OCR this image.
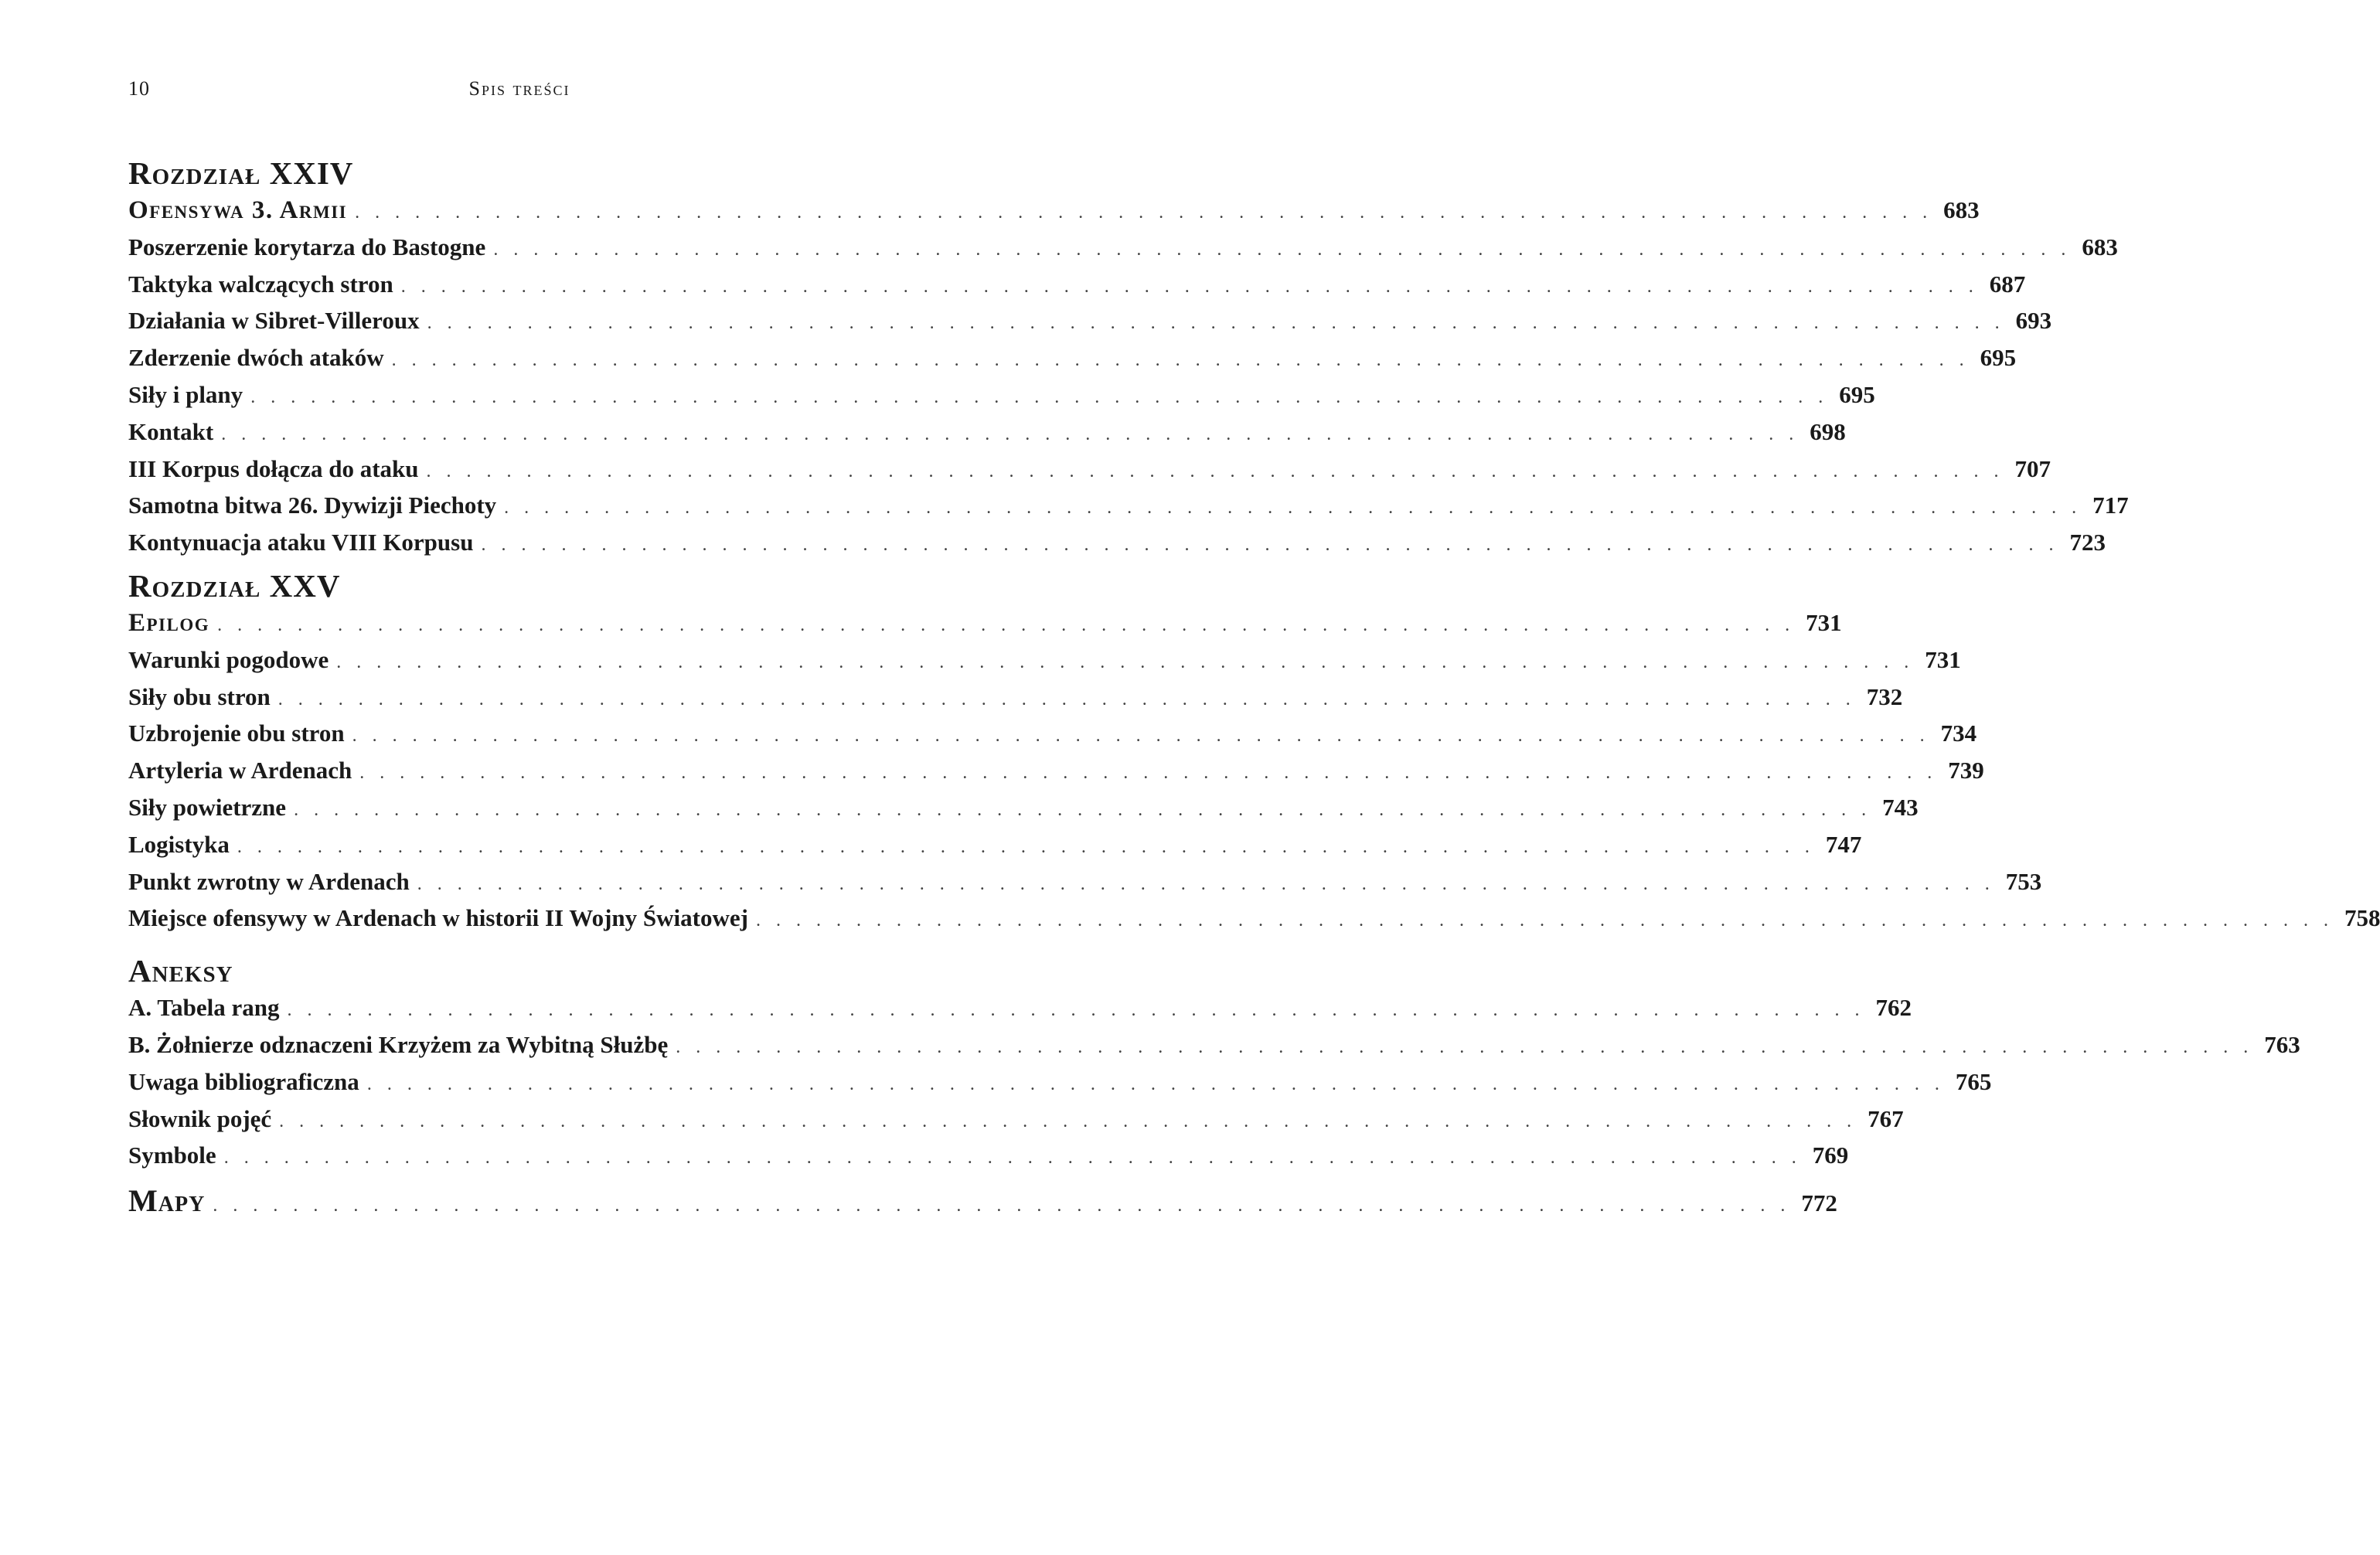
10	Spis treści
Rozdział XXIV
Ofensywa 3. Armii . . . . . . . . . . . . . . . . . . . . . . . . . . . . . . . . . . . . . . . . . . . . . . . . . . . . . . . . . . . . . . . . . . . . . . . . . . . . . . . 683
Poszerzenie korytarza do Bastogne . . . . . . . . . . . . . . . . . . . . . . . . . . . . . . . . . . . . . . . . . . . . . . . . . . . . . . . . . . . . . . . . . . . . . . . . . . . . . . . 683
Taktyka walczących stron . . . . . . . . . . . . . . . . . . . . . . . . . . . . . . . . . . . . . . . . . . . . . . . . . . . . . . . . . . . . . . . . . . . . . . . . . . . . . . . 687
Działania w Sibret-Villeroux . . . . . . . . . . . . . . . . . . . . . . . . . . . . . . . . . . . . . . . . . . . . . . . . . . . . . . . . . . . . . . . . . . . . . . . . . . . . . . . 693
Zderzenie dwóch ataków . . . . . . . . . . . . . . . . . . . . . . . . . . . . . . . . . . . . . . . . . . . . . . . . . . . . . . . . . . . . . . . . . . . . . . . . . . . . . . . 695
Siły i plany . . . . . . . . . . . . . . . . . . . . . . . . . . . . . . . . . . . . . . . . . . . . . . . . . . . . . . . . . . . . . . . . . . . . . . . . . . . . . . . 695
Kontakt . . . . . . . . . . . . . . . . . . . . . . . . . . . . . . . . . . . . . . . . . . . . . . . . . . . . . . . . . . . . . . . . . . . . . . . . . . . . . . . 698
III Korpus dołącza do ataku . . . . . . . . . . . . . . . . . . . . . . . . . . . . . . . . . . . . . . . . . . . . . . . . . . . . . . . . . . . . . . . . . . . . . . . . . . . . . . . 707
Samotna bitwa 26. Dywizji Piechoty . . . . . . . . . . . . . . . . . . . . . . . . . . . . . . . . . . . . . . . . . . . . . . . . . . . . . . . . . . . . . . . . . . . . . . . . . . . . . . . 717
Kontynuacja ataku VIII Korpusu . . . . . . . . . . . . . . . . . . . . . . . . . . . . . . . . . . . . . . . . . . . . . . . . . . . . . . . . . . . . . . . . . . . . . . . . . . . . . . . 723
Rozdział XXV
Epilog . . . . . . . . . . . . . . . . . . . . . . . . . . . . . . . . . . . . . . . . . . . . . . . . . . . . . . . . . . . . . . . . . . . . . . . . . . . . . . . 731
Warunki pogodowe . . . . . . . . . . . . . . . . . . . . . . . . . . . . . . . . . . . . . . . . . . . . . . . . . . . . . . . . . . . . . . . . . . . . . . . . . . . . . . . 731
Siły obu stron . . . . . . . . . . . . . . . . . . . . . . . . . . . . . . . . . . . . . . . . . . . . . . . . . . . . . . . . . . . . . . . . . . . . . . . . . . . . . . . 732
Uzbrojenie obu stron . . . . . . . . . . . . . . . . . . . . . . . . . . . . . . . . . . . . . . . . . . . . . . . . . . . . . . . . . . . . . . . . . . . . . . . . . . . . . . . 734
Artyleria w Ardenach . . . . . . . . . . . . . . . . . . . . . . . . . . . . . . . . . . . . . . . . . . . . . . . . . . . . . . . . . . . . . . . . . . . . . . . . . . . . . . . 739
Siły powietrzne . . . . . . . . . . . . . . . . . . . . . . . . . . . . . . . . . . . . . . . . . . . . . . . . . . . . . . . . . . . . . . . . . . . . . . . . . . . . . . . 743
Logistyka . . . . . . . . . . . . . . . . . . . . . . . . . . . . . . . . . . . . . . . . . . . . . . . . . . . . . . . . . . . . . . . . . . . . . . . . . . . . . . . 747
Punkt zwrotny w Ardenach . . . . . . . . . . . . . . . . . . . . . . . . . . . . . . . . . . . . . . . . . . . . . . . . . . . . . . . . . . . . . . . . . . . . . . . . . . . . . . . 753
Miejsce ofensywy w Ardenach w historii II Wojny Światowej . . . . . . . . . . . . . . . . . . . . . . . . . . . . . . . . . . . . . . . . . . . . . . . . . . . . . . . . . . . . . . . . . . . . . . . . . . . . . . . 758
Aneksy
A. Tabela rang . . . . . . . . . . . . . . . . . . . . . . . . . . . . . . . . . . . . . . . . . . . . . . . . . . . . . . . . . . . . . . . . . . . . . . . . . . . . . . . 762
B. Żołnierze odznaczeni Krzyżem za Wybitną Służbę . . . . . . . . . . . . . . . . . . . . . . . . . . . . . . . . . . . . . . . . . . . . . . . . . . . . . . . . . . . . . . . . . . . . . . . . . . . . . . . 763
Uwaga bibliograficzna . . . . . . . . . . . . . . . . . . . . . . . . . . . . . . . . . . . . . . . . . . . . . . . . . . . . . . . . . . . . . . . . . . . . . . . . . . . . . . . 765
Słownik pojęć . . . . . . . . . . . . . . . . . . . . . . . . . . . . . . . . . . . . . . . . . . . . . . . . . . . . . . . . . . . . . . . . . . . . . . . . . . . . . . . 767
Symbole . . . . . . . . . . . . . . . . . . . . . . . . . . . . . . . . . . . . . . . . . . . . . . . . . . . . . . . . . . . . . . . . . . . . . . . . . . . . . . . 769
Mapy . . . . . . . . . . . . . . . . . . . . . . . . . . . . . . . . . . . . . . . . . . . . . . . . . . . . . . . . . . . . . . . . . . . . . . . . . . . . . . . 772
